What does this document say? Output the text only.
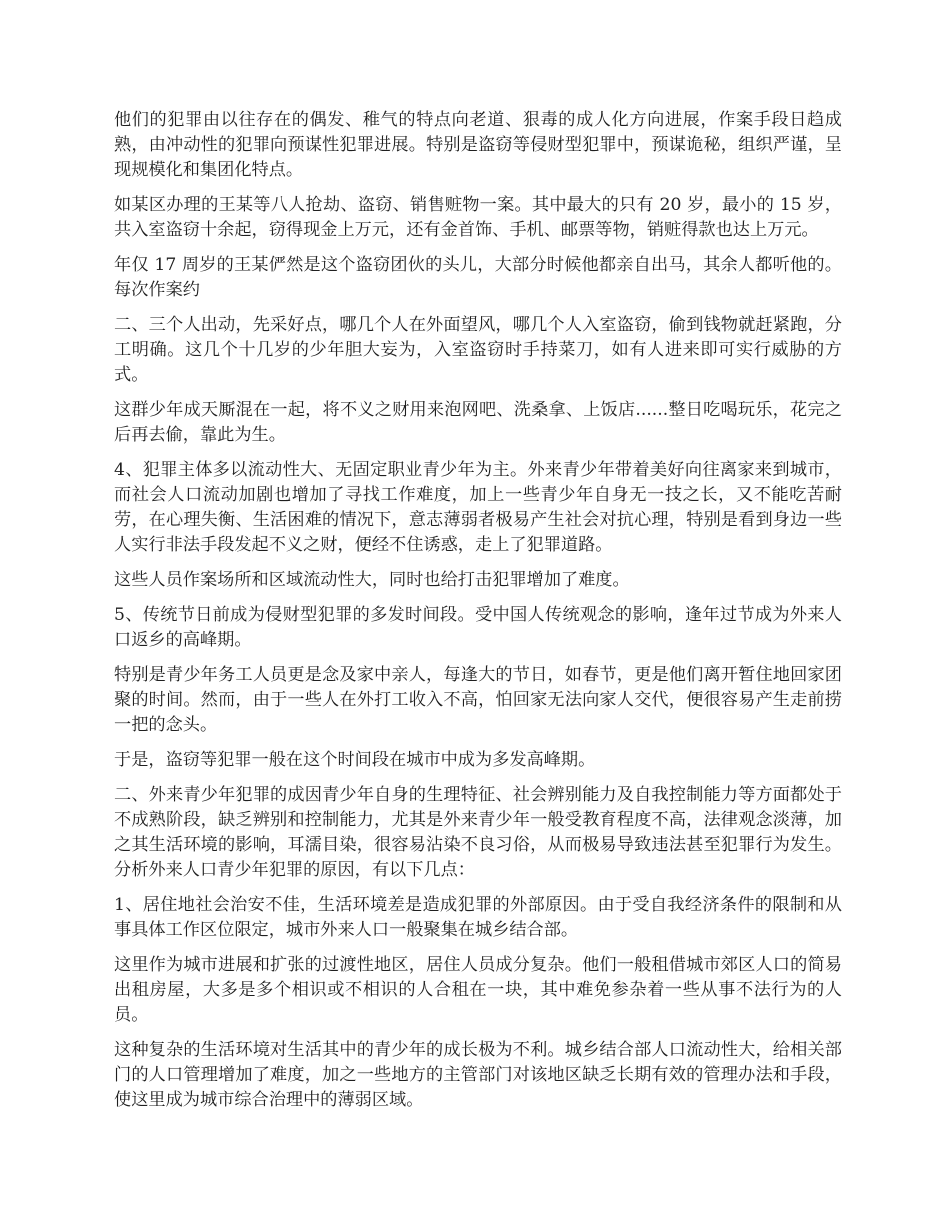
他们的犯罪由以往存在的偶发、稚气的特点向老道、狠毒的成人化方向进展，作案手段日趋成熟，由冲动性的犯罪向预谋性犯罪进展。特别是盗窃等侵财型犯罪中，预谋诡秘，组织严谨，呈现规模化和集团化特点。

如某区办理的王某等八人抢劫、盗窃、销售赃物一案。其中最大的只有 20 岁，最小的 15 岁，共入室盗窃十余起，窃得现金上万元，还有金首饰、手机、邮票等物，销赃得款也达上万元。

年仅 17 周岁的王某俨然是这个盗窃团伙的头儿，大部分时候他都亲自出马，其余人都听他的。每次作案约

二、三个人出动，先采好点，哪几个人在外面望风，哪几个人入室盗窃，偷到钱物就赶紧跑，分工明确。这几个十几岁的少年胆大妄为，入室盗窃时手持菜刀，如有人进来即可实行威胁的方式。

这群少年成天厮混在一起，将不义之财用来泡网吧、洗桑拿、上饭店......整日吃喝玩乐，花完之后再去偷，靠此为生。

4、犯罪主体多以流动性大、无固定职业青少年为主。外来青少年带着美好向往离家来到城市，而社会人口流动加剧也增加了寻找工作难度，加上一些青少年自身无一技之长，又不能吃苦耐劳，在心理失衡、生活困难的情况下，意志薄弱者极易产生社会对抗心理，特别是看到身边一些人实行非法手段发起不义之财，便经不住诱惑，走上了犯罪道路。

这些人员作案场所和区域流动性大，同时也给打击犯罪增加了难度。

5、传统节日前成为侵财型犯罪的多发时间段。受中国人传统观念的影响，逢年过节成为外来人口返乡的高峰期。

特别是青少年务工人员更是念及家中亲人，每逢大的节日，如春节，更是他们离开暂住地回家团聚的时间。然而，由于一些人在外打工收入不高，怕回家无法向家人交代，便很容易产生走前捞一把的念头。

于是，盗窃等犯罪一般在这个时间段在城市中成为多发高峰期。

二、外来青少年犯罪的成因青少年自身的生理特征、社会辨别能力及自我控制能力等方面都处于不成熟阶段，缺乏辨别和控制能力，尤其是外来青少年一般受教育程度不高，法律观念淡薄，加之其生活环境的影响，耳濡目染，很容易沾染不良习俗，从而极易导致违法甚至犯罪行为发生。分析外来人口青少年犯罪的原因，有以下几点：

1、居住地社会治安不佳，生活环境差是造成犯罪的外部原因。由于受自我经济条件的限制和从事具体工作区位限定，城市外来人口一般聚集在城乡结合部。

这里作为城市进展和扩张的过渡性地区，居住人员成分复杂。他们一般租借城市郊区人口的简易出租房屋，大多是多个相识或不相识的人合租在一块，其中难免参杂着一些从事不法行为的人员。

这种复杂的生活环境对生活其中的青少年的成长极为不利。城乡结合部人口流动性大，给相关部门的人口管理增加了难度，加之一些地方的主管部门对该地区缺乏长期有效的管理办法和手段，使这里成为城市综合治理中的薄弱区域。
